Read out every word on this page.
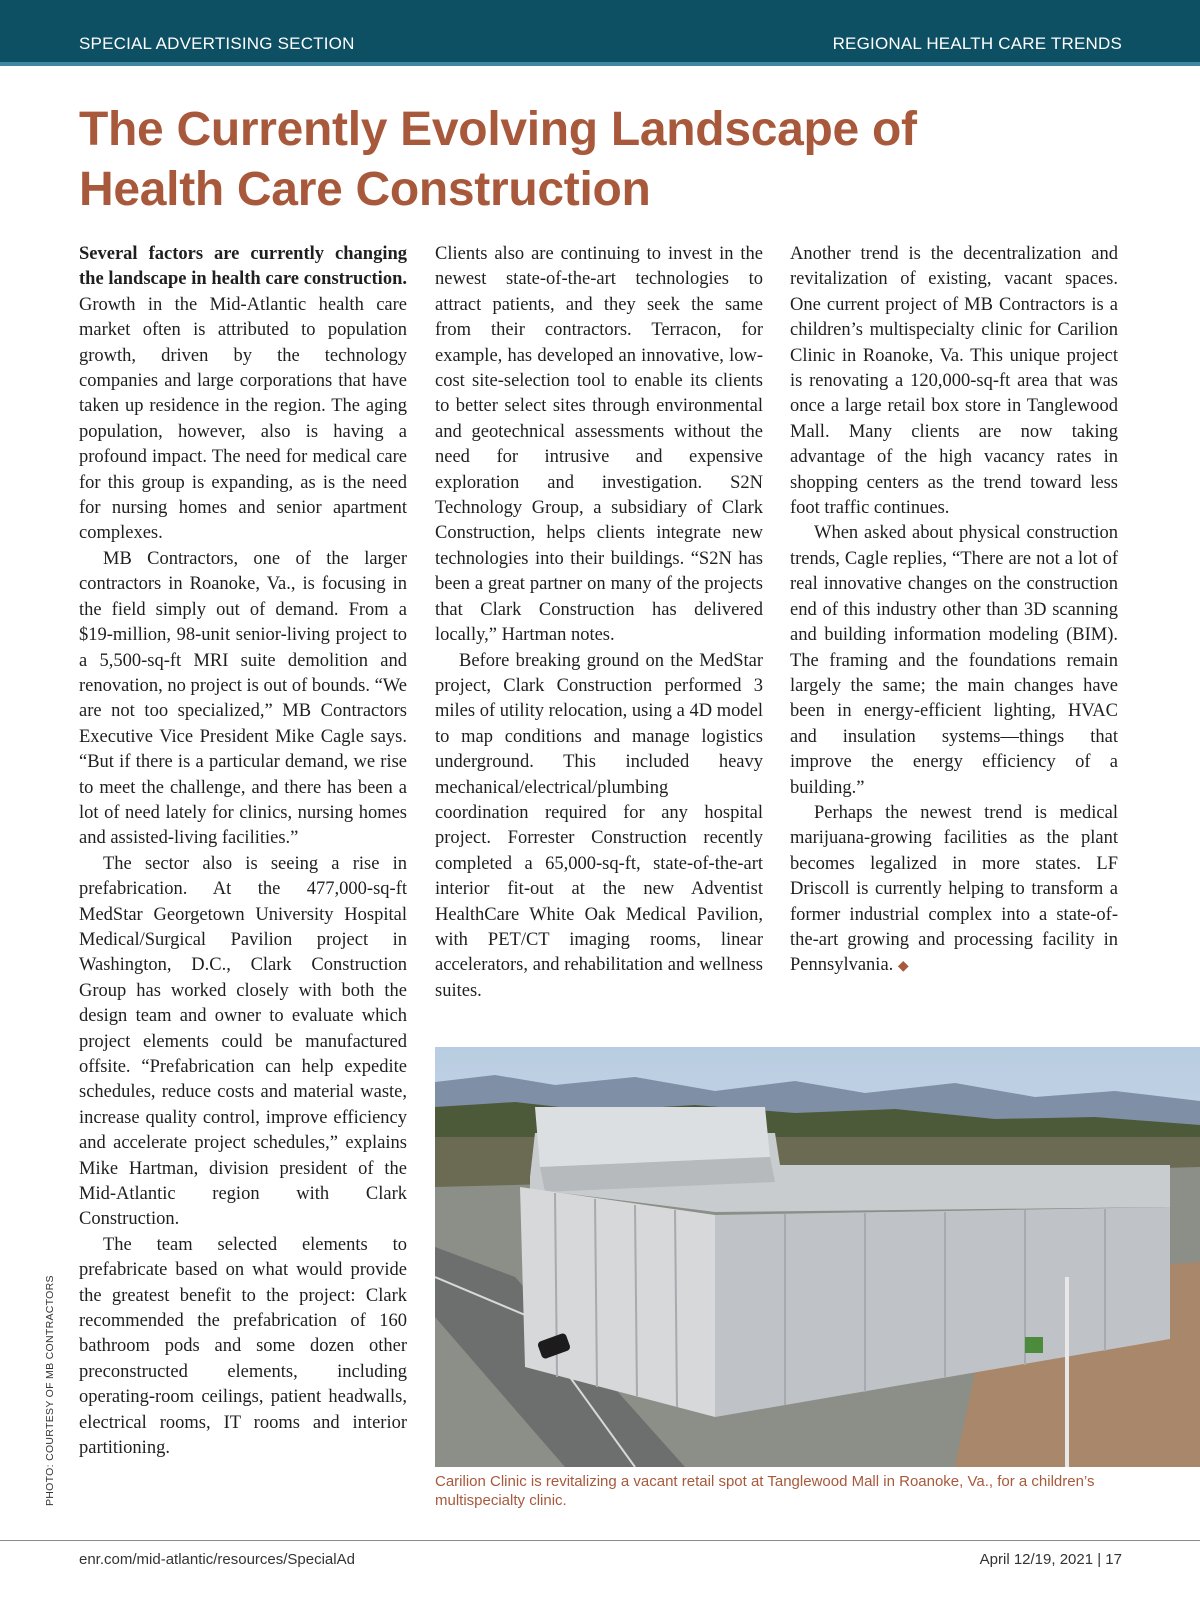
SPECIAL ADVERTISING SECTION	REGIONAL HEALTH CARE TRENDS
The Currently Evolving Landscape of
Health Care Construction

Several factors are currently changing the landscape in health care construction. Growth in the Mid-Atlantic health care market often is attributed to population growth, driven by the technology companies and large corporations that have taken up residence in the region. The aging population, however, also is having a profound impact. The need for medical care for this group is expanding, as is the need for nursing homes and senior apartment complexes.

MB Contractors, one of the larger contractors in Roanoke, Va., is focusing in the field simply out of demand. From a $19-million, 98-unit senior-living project to a 5,500-sq-ft MRI suite demolition and renovation, no project is out of bounds. “We are not too specialized,” MB Contractors Executive Vice President Mike Cagle says. “But if there is a particular demand, we rise to meet the challenge, and there has been a lot of need lately for clinics, nursing homes and assisted-living facilities.”

The sector also is seeing a rise in prefabrication. At the 477,000-sq-ft MedStar Georgetown University Hospital Medical/Surgical Pavilion project in Washington, D.C., Clark Construction Group has worked closely with both the design team and owner to evaluate which project elements could be manufactured offsite. “Prefabrication can help expedite schedules, reduce costs and material waste, increase quality control, improve efficiency and accelerate project schedules,” explains Mike Hartman, division president of the Mid-Atlantic region with Clark Construction.

The team selected elements to prefabricate based on what would provide the greatest benefit to the project: Clark recommended the prefabrication of 160 bathroom pods and some dozen other preconstructed elements, including operating-room ceilings, patient headwalls, electrical rooms, IT rooms and interior partitioning.

Clients also are continuing to invest in the newest state-of-the-art technologies to attract patients, and they seek the same from their contractors. Terracon, for example, has developed an innovative, low-cost site-selection tool to enable its clients to better select sites through environmental and geotechnical assessments without the need for intrusive and expensive exploration and investigation. S2N Technology Group, a subsidiary of Clark Construction, helps clients integrate new technologies into their buildings. “S2N has been a great partner on many of the projects that Clark Construction has delivered locally,” Hartman notes.

Before breaking ground on the MedStar project, Clark Construction performed 3 miles of utility relocation, using a 4D model to map conditions and manage logistics underground. This included heavy mechanical/electrical/plumbing coordination required for any hospital project. Forrester Construction recently completed a 65,000-sq-ft, state-of-the-art interior fit-out at the new Adventist HealthCare White Oak Medical Pavilion, with PET/CT imaging rooms, linear accelerators, and rehabilitation and wellness suites.

Another trend is the decentralization and revitalization of existing, vacant spaces. One current project of MB Contractors is a children’s multispecialty clinic for Carilion Clinic in Roanoke, Va. This unique project is renovating a 120,000-sq-ft area that was once a large retail box store in Tanglewood Mall. Many clients are now taking advantage of the high vacancy rates in shopping centers as the trend toward less foot traffic continues.

When asked about physical construction trends, Cagle replies, “There are not a lot of real innovative changes on the construction end of this industry other than 3D scanning and building information modeling (BIM). The framing and the foundations remain largely the same; the main changes have been in energy-efficient lighting, HVAC and insulation systems—things that improve the energy efficiency of a building.”

Perhaps the newest trend is medical marijuana-growing facilities as the plant becomes legalized in more states. LF Driscoll is currently helping to transform a former industrial complex into a state-of-the-art growing and processing facility in Pennsylvania. ◆

PHOTO: COURTESY OF MB CONTRACTORS	Carilion Clinic is revitalizing a vacant retail spot at Tanglewood Mall in Roanoke, Va., for a children’s multispecialty clinic.
enr.com/mid-atlantic/resources/SpecialAd	April 12/19, 2021 | 17
